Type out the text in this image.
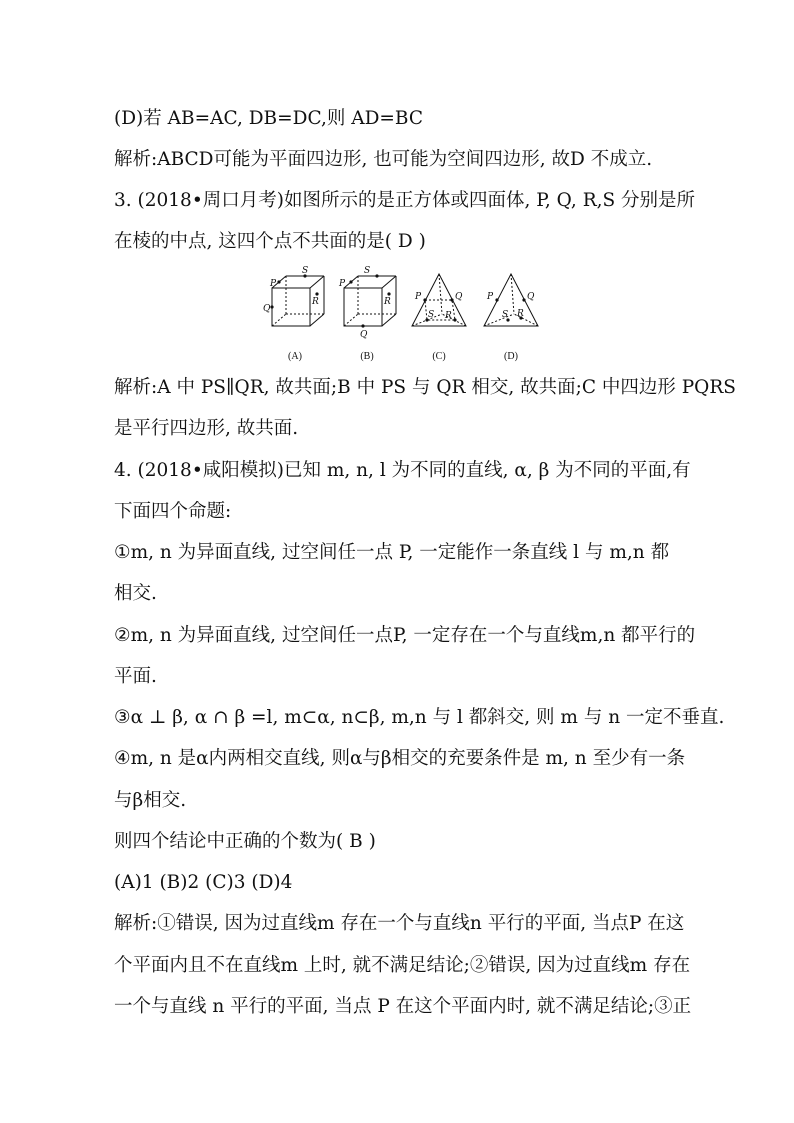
(D)若 AB=AC, DB=DC,则 AD=BC
解析:ABCD可能为平面四边形, 也可能为空间四边形, 故D 不成立.
3. (2018•周口月考)如图所示的是正方体或四面体, P, Q, R,S 分别是所
在棱的中点, 这四个点不共面的是( D )
S
P
Q
R
(A)
S
P
Q
R
(B)
P	Q
S R
(C)
P	Q
S R
(D)
解析:A 中 PS∥QR, 故共面;B 中 PS 与 QR 相交, 故共面;C 中四边形 PQRS
是平行四边形, 故共面.
4. (2018•咸阳模拟)已知 m, n, l 为不同的直线, α, β 为不同的平面,有
下面四个命题:
①m, n 为异面直线, 过空间任一点 P, 一定能作一条直线 l 与 m,n 都
相交.
②m, n 为异面直线, 过空间任一点P, 一定存在一个与直线m,n 都平行的
平面.
③α ⊥ β, α ∩ β =l, m⊂α, n⊂β, m,n 与 l 都斜交, 则 m 与 n 一定不垂直.
④m, n 是α内两相交直线, 则α与β相交的充要条件是 m, n 至少有一条
与β相交.
则四个结论中正确的个数为( B )
(A)1 (B)2 (C)3 (D)4
解析:①错误, 因为过直线m 存在一个与直线n 平行的平面, 当点P 在这
个平面内且不在直线m 上时, 就不满足结论;②错误, 因为过直线m 存在
一个与直线 n 平行的平面, 当点 P 在这个平面内时, 就不满足结论;③正
